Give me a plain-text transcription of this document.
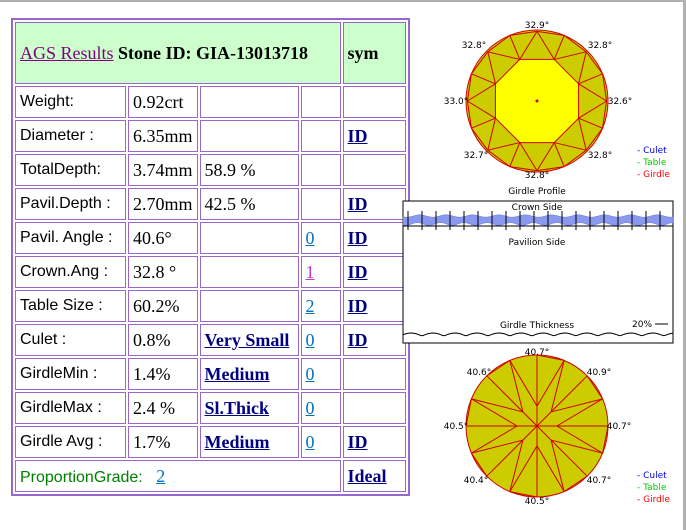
AGS Results Stone ID: GIA-13013718				sym
Weight:	0.92crt			
Diameter :	6.35mm			ID
TotalDepth:	3.74mm	58.9 %		
Pavil.Depth :	2.70mm	42.5 %		ID
Pavil. Angle :	40.6°		0	ID
Crown.Ang :	32.8 °		1	ID
Table Size :	60.2%		2	ID
Culet :	0.8%	Very Small	0	ID
GirdleMin :	1.4%	Medium	0	
GirdleMax :	2.4 %	Sl.Thick	0	
Girdle Avg :	1.7%	Medium	0	ID
ProportionGrade: 2				Ideal
32.9°
32.8°	32.8°
33.0°	32.6°
32.7°	32.8°
32.8°
- Culet
- Table
- Girdle
Girdle Profile
Crown Side
Pavilion Side
Girdle Thickness	20%
40.7°
40.6°	40.9°
40.5°	40.7°
40.4°	40.7°
40.5°
- Culet
- Table
- Girdle
